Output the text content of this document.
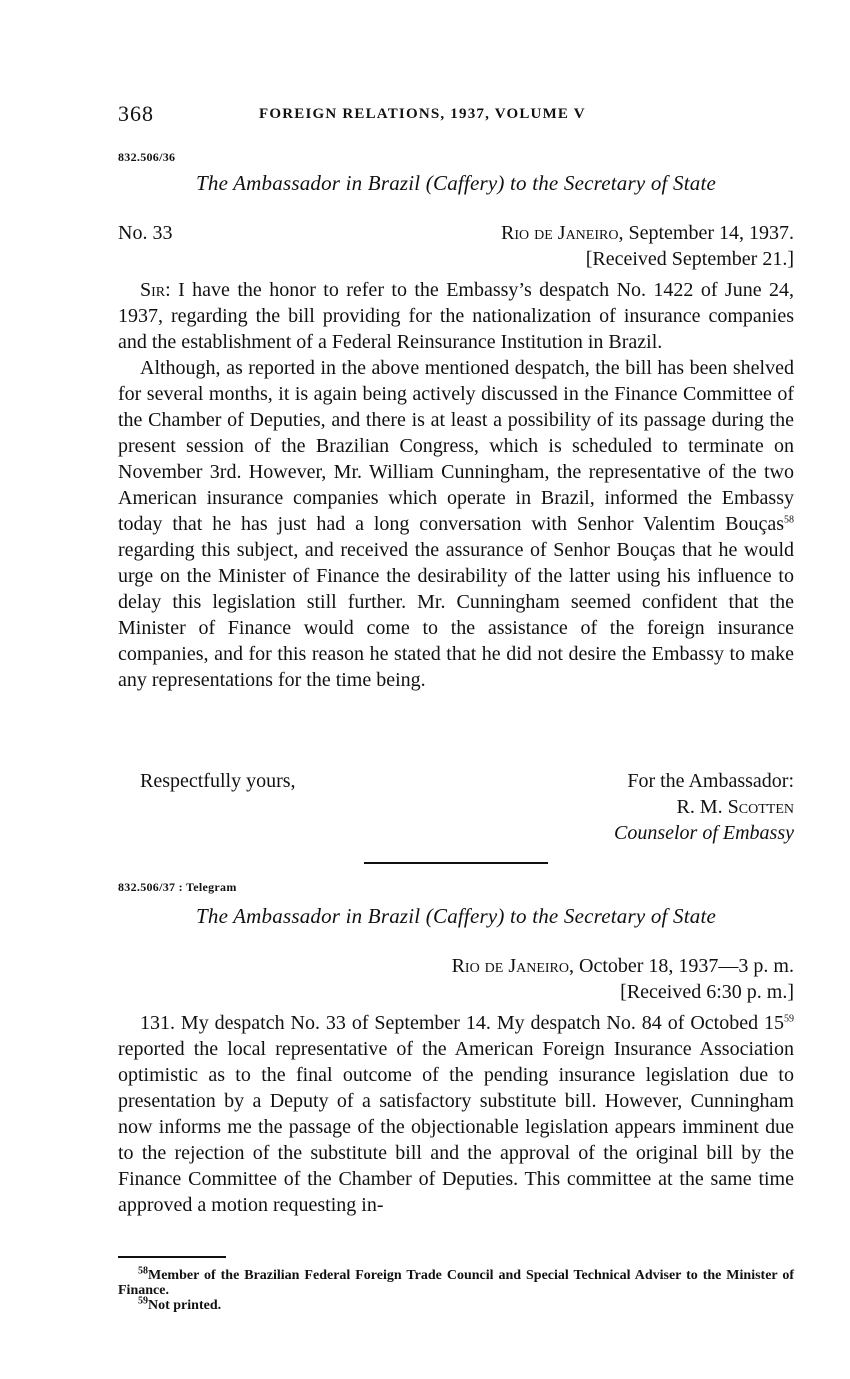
368	FOREIGN RELATIONS, 1937, VOLUME V
832.506/36
The Ambassador in Brazil (Caffery) to the Secretary of State
No. 33	Rio de Janeiro, September 14, 1937.
[Received September 21.]

Sir: I have the honor to refer to the Embassy’s despatch No. 1422 of June 24, 1937, regarding the bill providing for the nationalization of insurance companies and the establishment of a Federal Reinsurance Institution in Brazil.

Although, as reported in the above mentioned despatch, the bill has been shelved for several months, it is again being actively discussed in the Finance Committee of the Chamber of Deputies, and there is at least a possibility of its passage during the present session of the Brazilian Congress, which is scheduled to terminate on November 3rd. However, Mr. William Cunningham, the representative of the two American insurance companies which operate in Brazil, informed the Embassy today that he has just had a long conversation with Senhor Valentim Bouças$^{58}$ regarding this subject, and received the assurance of Senhor Bouças that he would urge on the Minister of Finance the desirability of the latter using his influence to delay this legislation still further. Mr. Cunningham seemed confident that the Minister of Finance would come to the assistance of the foreign insurance companies, and for this reason he stated that he did not desire the Embassy to make any representations for the time being.

Respectfully yours,	For the Ambassador:
R. M. Scotten
Counselor of Embassy
832.506/37 : Telegram
The Ambassador in Brazil (Caffery) to the Secretary of State
Rio de Janeiro, October 18, 1937—3 p. m.
[Received 6:30 p. m.]

131. My despatch No. 33 of September 14. My despatch No. 84 of Octobed $15^{59}$ reported the local representative of the American Foreign Insurance Association optimistic as to the final outcome of the pending insurance legislation due to presentation by a Deputy of a satisfactory substitute bill. However, Cunningham now informs me the passage of the objectionable legislation appears imminent due to the rejection of the substitute bill and the approval of the original bill by the Finance Committee of the Chamber of Deputies. This committee at the same time approved a motion requesting in-

$^{58}$Member of the Brazilian Federal Foreign Trade Council and Special Technical Adviser to the Minister of Finance.

$^{59}$Not printed.
